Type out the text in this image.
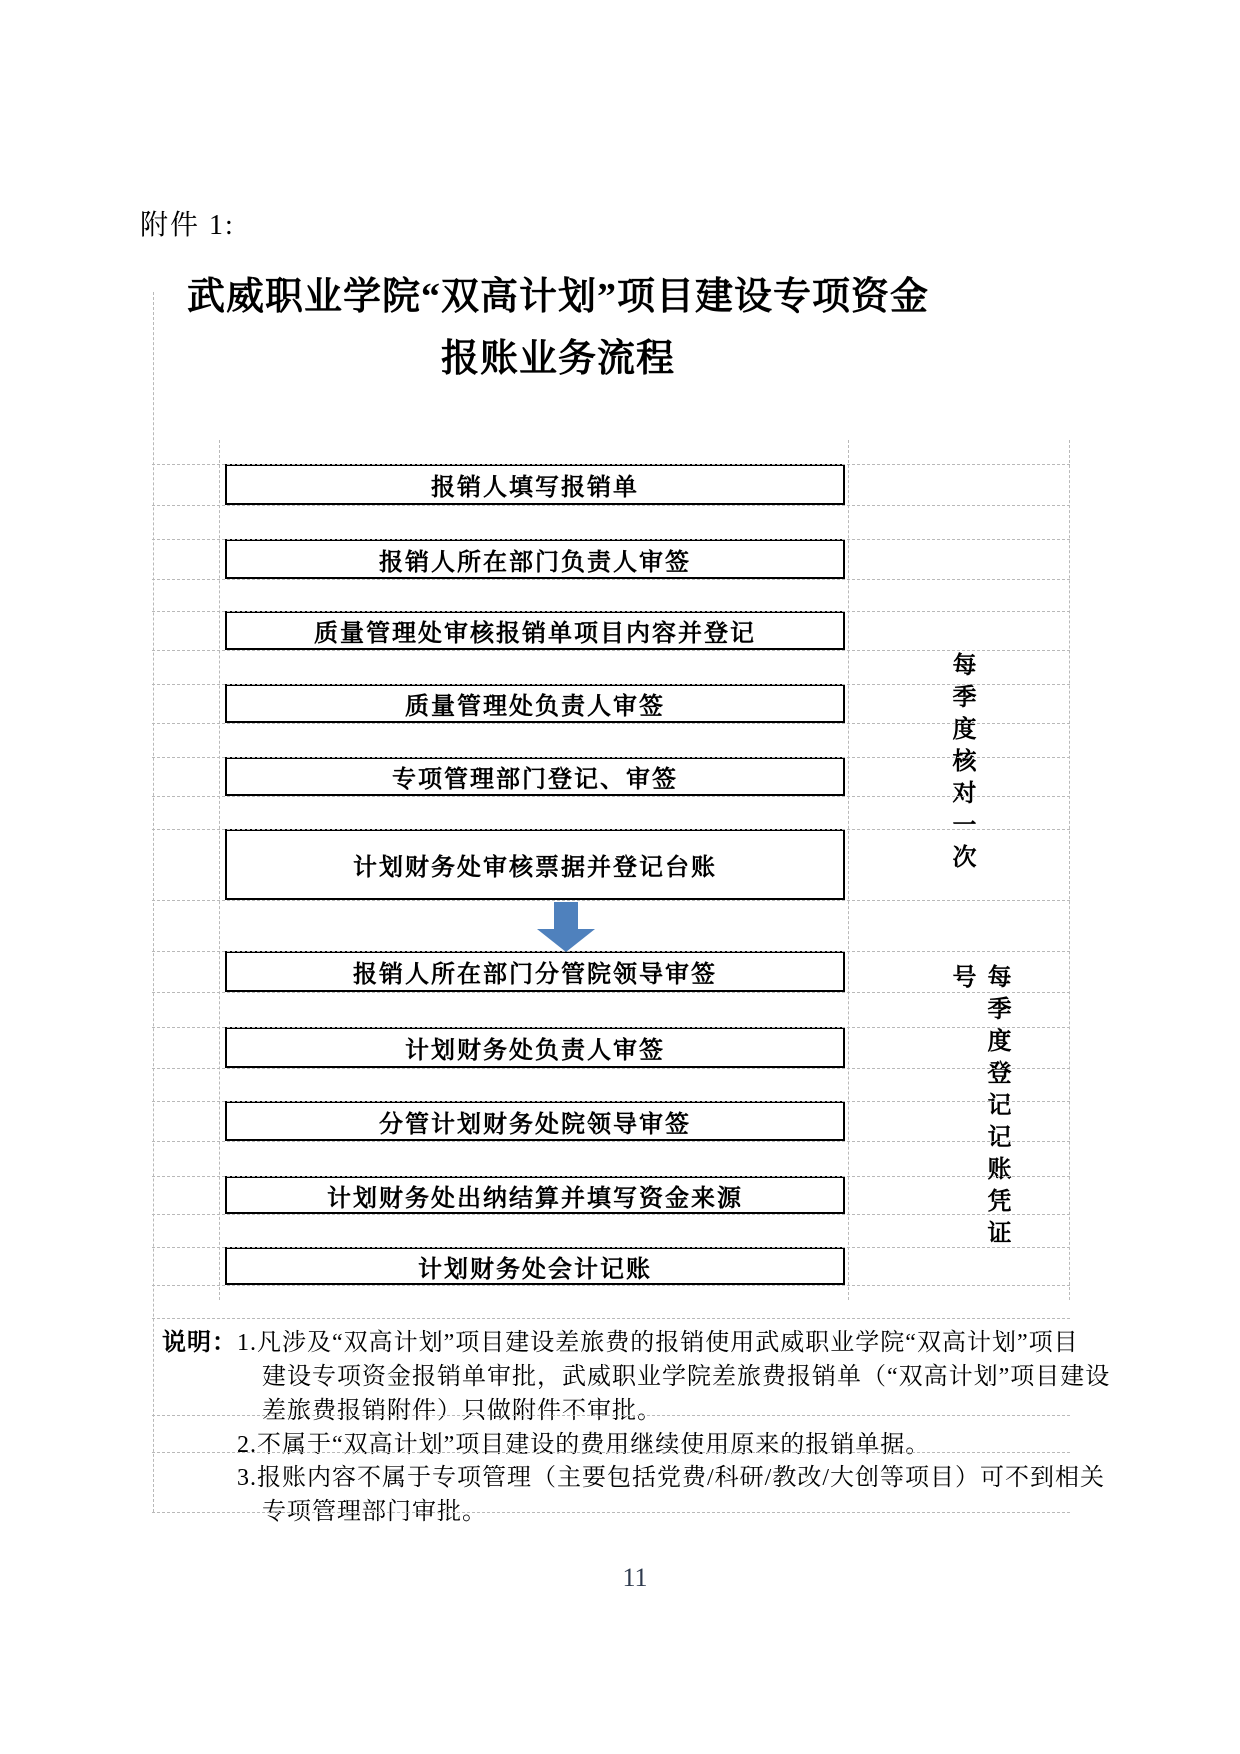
附件 1:
武威职业学院“双高计划”项目建设专项资金
报账业务流程
报销人填写报销单
报销人所在部门负责人审签
质量管理处审核报销单项目内容并登记
质量管理处负责人审签
专项管理部门登记、审签
计划财务处审核票据并登记台账
报销人所在部门分管院领导审签
计划财务处负责人审签
分管计划财务处院领导审签
计划财务处出纳结算并填写资金来源
计划财务处会计记账
每季度核对一次
每季度登记记账凭证号
说明： 1.凡涉及“双高计划”项目建设差旅费的报销使用武威职业学院“双高计划”项目
建设专项资金报销单审批，武威职业学院差旅费报销单（“双高计划”项目建设
差旅费报销附件）只做附件不审批。
2.不属于“双高计划”项目建设的费用继续使用原来的报销单据。
3.报账内容不属于专项管理（主要包括党费/科研/教改/大创等项目）可不到相关
专项管理部门审批。
11
